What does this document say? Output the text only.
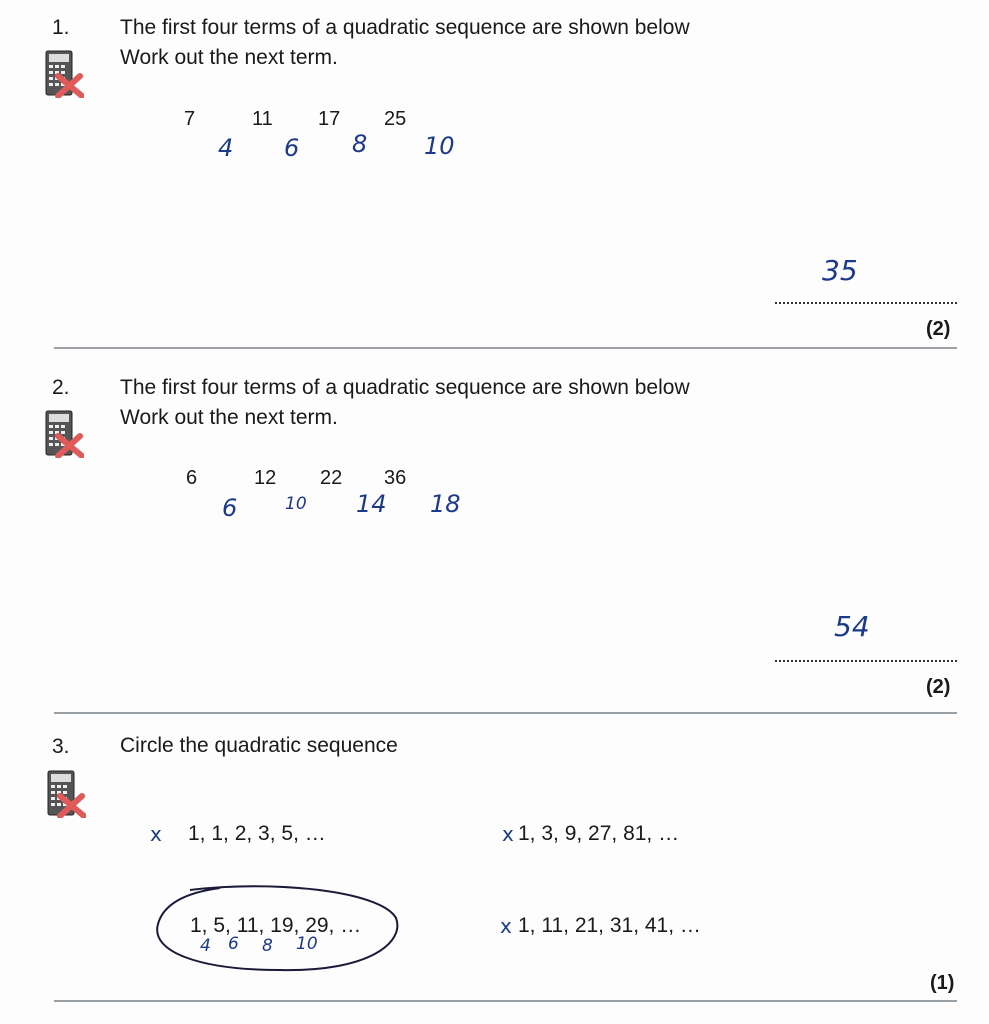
1. The first four terms of a quadratic sequence are shown below
Work out the next term.
7	11 17 25
4 6 8 10
35
(2)
2. The first four terms of a quadratic sequence are shown below
Work out the next term.
6	12 22 36
6	10 14 18
54
(2)
3. Circle the quadratic sequence
x 1, 1, 2, 3, 5, …	x 1, 3, 9, 27, 81, …
1, 5, 11, 19, 29, …
4 6 8 10
x 1, 11, 21, 31, 41, …
(1)
